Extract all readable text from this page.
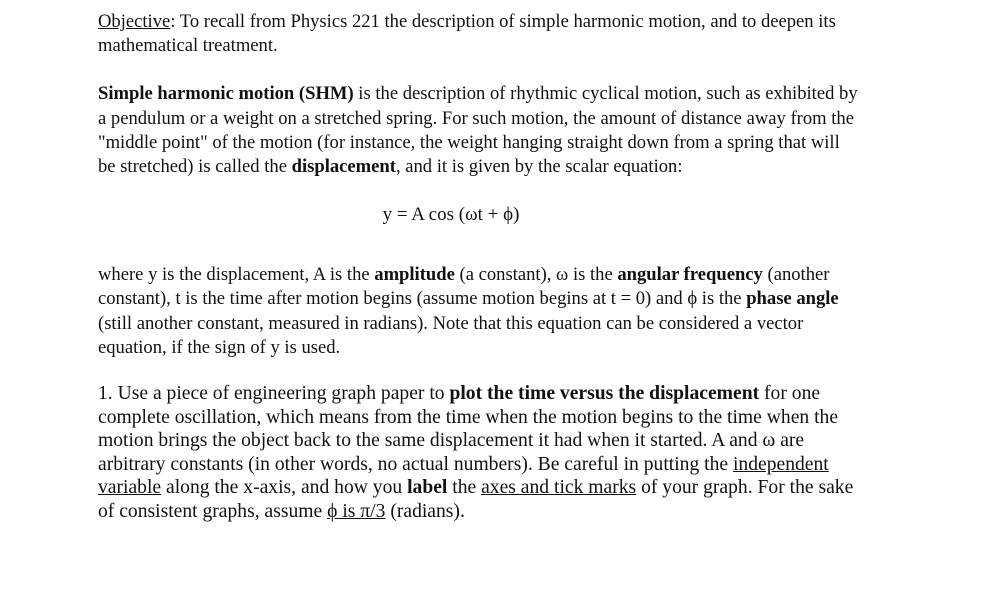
Objective: To recall from Physics 221 the description of simple harmonic motion, and to deepen its mathematical treatment.

Simple harmonic motion (SHM) is the description of rhythmic cyclical motion, such as exhibited by a pendulum or a weight on a stretched spring. For such motion, the amount of distance away from the "middle point" of the motion (for instance, the weight hanging straight down from a spring that will be stretched) is called the displacement, and it is given by the scalar equation:

y = A cos (ωt + ϕ)

where y is the displacement, A is the amplitude (a constant), ω is the angular frequency (another constant), t is the time after motion begins (assume motion begins at t = 0) and ϕ is the phase angle (still another constant, measured in radians). Note that this equation can be considered a vector equation, if the sign of y is used.

1. Use a piece of engineering graph paper to plot the time versus the displacement for one complete oscillation, which means from the time when the motion begins to the time when the motion brings the object back to the same displacement it had when it started. A and ω are arbitrary constants (in other words, no actual numbers). Be careful in putting the independent variable along the x-axis, and how you label the axes and tick marks of your graph. For the sake of consistent graphs, assume ϕ is π/3 (radians).
